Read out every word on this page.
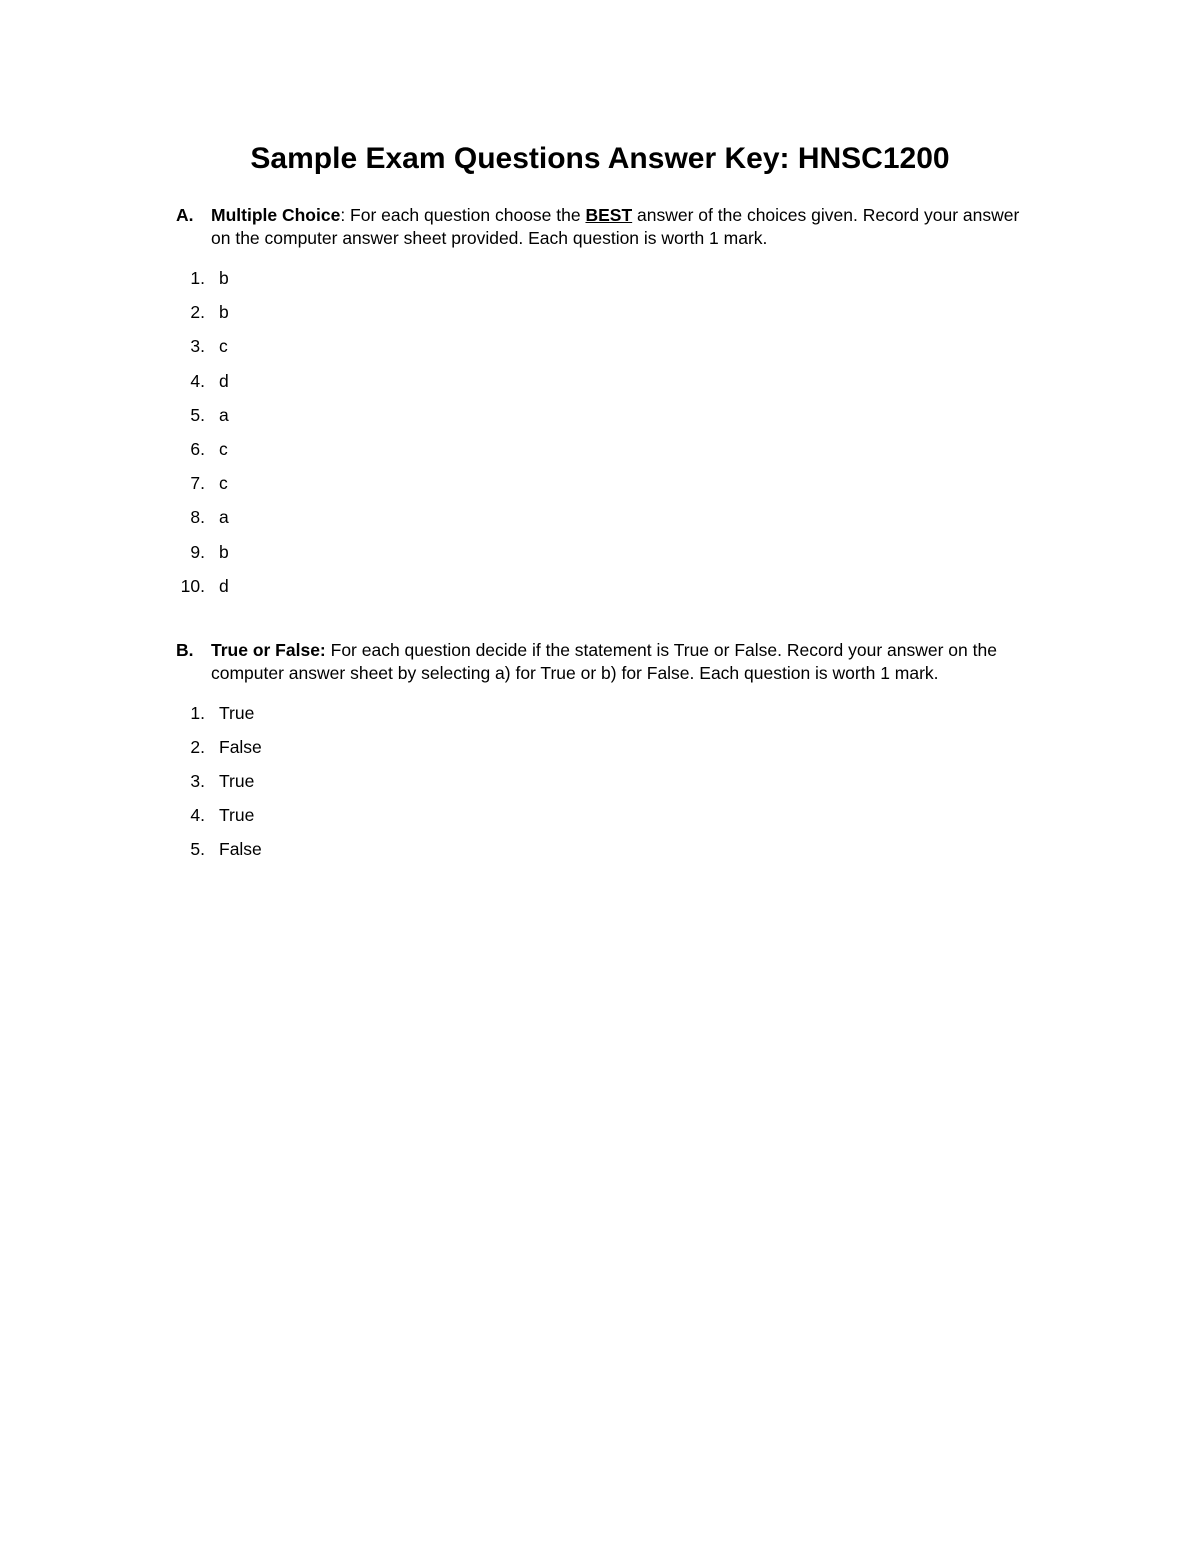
Sample Exam Questions Answer Key: HNSC1200
A. Multiple Choice: For each question choose the BEST answer of the choices given. Record your answer on the computer answer sheet provided. Each question is worth 1 mark.
1. b
2. b
3. c
4. d
5. a
6. c
7. c
8. a
9. b
10. d
B. True or False: For each question decide if the statement is True or False. Record your answer on the computer answer sheet by selecting a) for True or b) for False. Each question is worth 1 mark.
1. True
2. False
3. True
4. True
5. False
